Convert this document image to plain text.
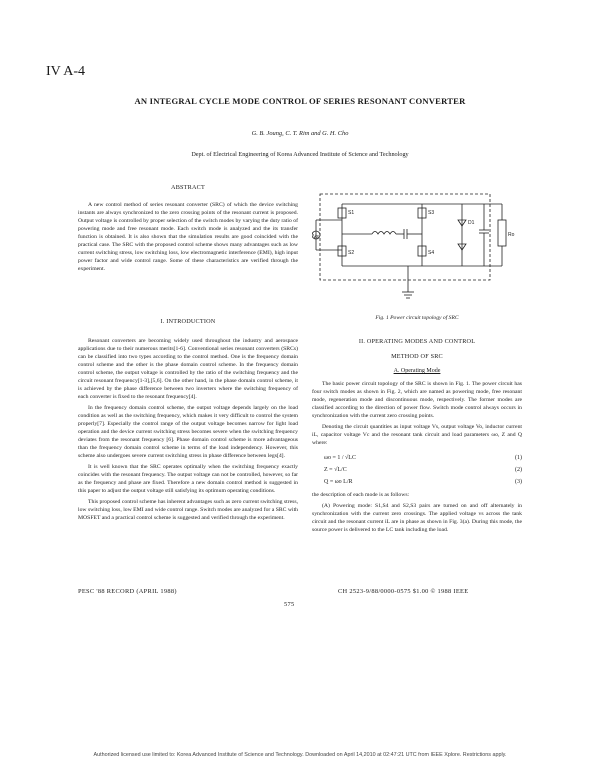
IV A-4
AN INTEGRAL CYCLE MODE CONTROL OF SERIES RESONANT CONVERTER
G. B. Joung, C. T. Rim and G. H. Cho
Dept. of Electrical Engineering of Korea Advanced Institute of Science and Technology
ABSTRACT

A new control method of series resonant converter (SRC) of which the device switching instants are always synchronized to the zero crossing points of the resonant current is proposed. Output voltage is controlled by proper selection of the switch modes by varying the duty ratio of powering mode and free resonant mode. Each switch mode is analyzed and the its transfer function is obtained. It is also shown that the simulation results are good coincided with the practical case. The SRC with the proposed control scheme shows many advantages such as low current switching stress, low switching loss, low electromagnetic interference (EMI), high input power factor and wide control range. Some of these characteristics are verified through the experiment.

I. INTRODUCTION

Resonant converters are becoming widely used throughout the industry and aerospace applications due to their numerous merits[1-6]. Conventional series resonant converters (SRCs) can be classified into two types according to the control method. One is the frequency domain control scheme and the other is the phase domain control scheme. In the frequency domain control scheme, the output voltage is controlled by the ratio of the switching frequency and the circuit resonant frequency[1-3],[5,6]. On the other hand, in the phase domain control scheme, it is achieved by the phase difference between two inverters where the switching frequency of each converter is fixed to the resonant frequency[4].

In the frequency domain control scheme, the output voltage depends largely on the load condition as well as the switching frequency, which makes it very difficult to control the system properly[7]. Especially the control range of the output voltage becomes narrow for light load operation and the device current switching stress becomes severe when the switching frequency deviates from the resonant frequency [6]. Phase domain control scheme is more advantageous than the frequency domain control scheme in terms of the load independency. However, this scheme also undergoes severe current switching stress in phase difference between legs[4].

It is well known that the SRC operates optimally when the switching frequency exactly coincides with the resonant frequency. The output voltage can not be controlled, however, so far as the frequency and phase are fixed. Therefore a new domain control method is suggested in this paper to adjust the output voltage still satisfying its optimum operating conditions.

This proposed control scheme has inherent advantages such as zero current switching stress, low switching loss, low EMI and wide control range. Switch modes are analyzed for a SRC with MOSFET and a practical control scheme is suggested and verified through the experiment.

Vs
S1
S2
S3
S4
D1
Ro
Fig. 1 Power circuit topology of SRC
II. OPERATING MODES AND CONTROL
METHOD OF SRC
A. Operating Mode

The basic power circuit topology of the SRC is shown in Fig. 1. The power circuit has four switch modes as shown in Fig. 2, which are named as powering mode, free resonant mode, regeneration mode and discontinuous mode, respectively. The former modes are classified according to the direction of power flow. Switch mode control always occurs in synchronization with the current zero crossing points.

Denoting the circuit quantities as input voltage Vs, output voltage Vo, inductor current iL, capacitor voltage Vc and the resonant tank circuit and load parameters ωo, Z and Q where:

ωo = 1 / √LC	(1)
Z = √L/C	(2)
Q = ωo L/R	(3)

the description of each mode is as follows:

(A) Powering mode: S1,S4 and S2,S3 pairs are turned on and off alternately in synchronization with the current zero crossings. The applied voltage vs across the tank circuit and the resonant current iL are in phase as shown in Fig. 3(a). During this mode, the source power is delivered to the LC tank including the load.

PESC '88 RECORD (APRIL 1988)
575
CH 2523-9/88/0000-0575 $1.00 © 1988 IEEE
Authorized licensed use limited to: Korea Advanced Institute of Science and Technology. Downloaded on April 14,2010 at 02:47:21 UTC from IEEE Xplore. Restrictions apply.
